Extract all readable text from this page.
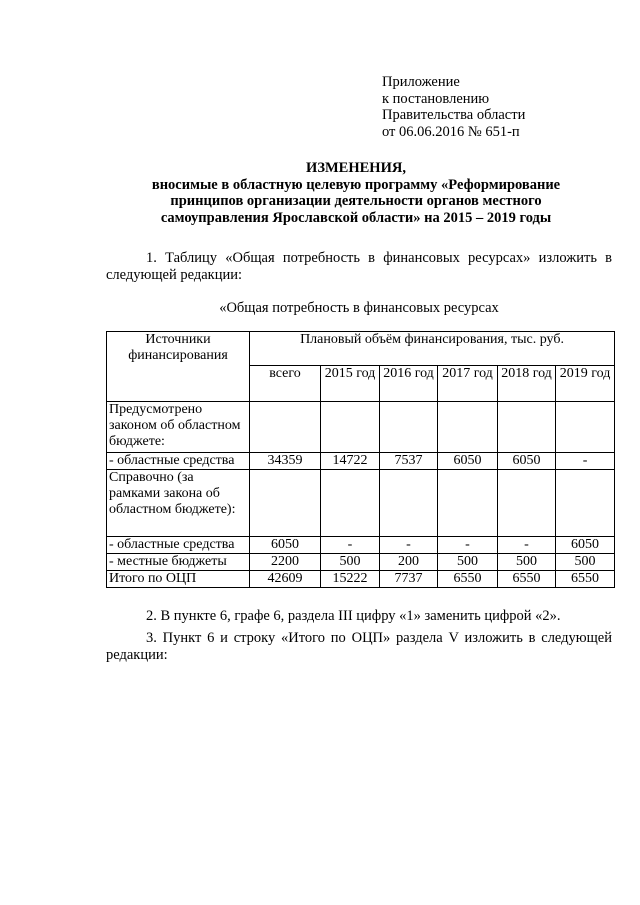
Приложение
к постановлению
Правительства области
от 06.06.2016 № 651-п
ИЗМЕНЕНИЯ,
вносимые в областную целевую программу «Реформирование
принципов организации деятельности органов местного
самоуправления Ярославской области» на 2015 – 2019 годы
1. Таблицу «Общая потребность в финансовых ресурсах» изложить в следующей редакции:
«Общая потребность в финансовых ресурсах
Источники финансирования	Плановый объём финансирования, тыс. руб.					
	всего	2015 год	2016 год	2017 год	2018 год	2019 год
Предусмотрено законом об областном бюджете:						
- областные средства	34359	14722	7537	6050	6050	-
Справочно (за рамками закона об областном бюджете):						
- областные средства	6050	-	-	-	-	6050
- местные бюджеты	2200	500	200	500	500	500
Итого по ОЦП	42609	15222	7737	6550	6550	6550
2. В пункте 6, графе 6, раздела III цифру «1» заменить цифрой «2».
3. Пункт 6 и строку «Итого по ОЦП» раздела V изложить в следующей редакции:
